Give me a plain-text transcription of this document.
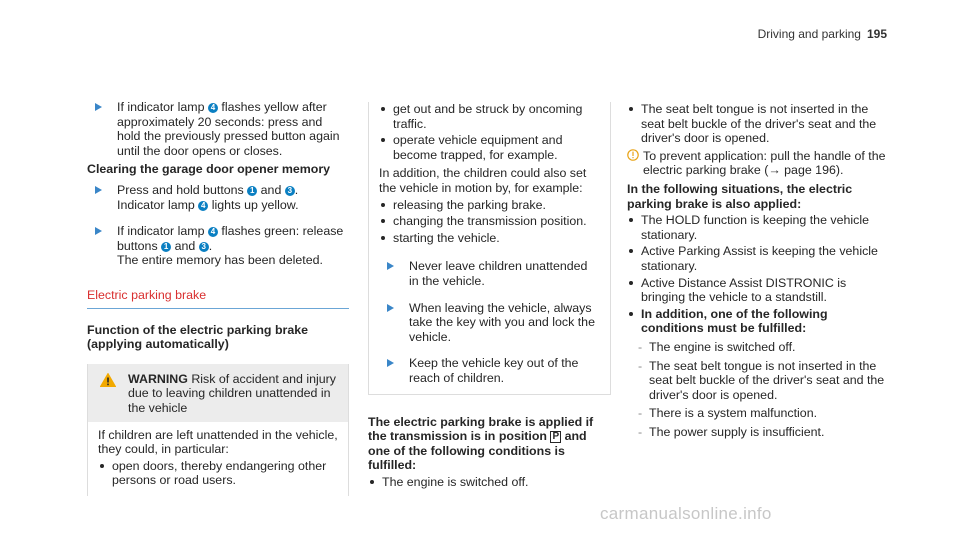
Driving and parking 195
If indicator lamp 4 flashes yellow after approximately 20 seconds: press and hold the previously pressed button again until the door opens or closes.
Clearing the garage door opener memory
Press and hold buttons 1 and 3 .
Indicator lamp 4 lights up yellow.
If indicator lamp 4 flashes green: release buttons 1 and 3 .
The entire memory has been deleted.
Electric parking brake
Function of the electric parking brake (applying automatically)
WARNING Risk of accident and injury due to leaving children unattended in the vehicle
If children are left unattended in the vehicle, they could, in particular:
open doors, thereby endangering other persons or road users.
get out and be struck by oncoming traffic.
operate vehicle equipment and become trapped, for example.
In addition, the children could also set the vehicle in motion by, for example:
releasing the parking brake.
changing the transmission position.
starting the vehicle.
Never leave children unattended in the vehicle.
When leaving the vehicle, always take the key with you and lock the vehicle.
Keep the vehicle key out of the reach of children.
The electric parking brake is applied if the transmission is in position P and one of the following conditions is fulfilled:
The engine is switched off.
The seat belt tongue is not inserted in the seat belt buckle of the driver's seat and the driver's door is opened.
To prevent application: pull the handle of the electric parking brake (→ page 196).
In the following situations, the electric parking brake is also applied:
The HOLD function is keeping the vehicle stationary.
Active Parking Assist is keeping the vehicle stationary.
Active Distance Assist DISTRONIC is bringing the vehicle to a standstill.
In addition, one of the following conditions must be fulfilled:
- The engine is switched off.
- The seat belt tongue is not inserted in the seat belt buckle of the driver's seat and the driver's door is opened.
- There is a system malfunction.
- The power supply is insufficient.
carmanualsonline.info
